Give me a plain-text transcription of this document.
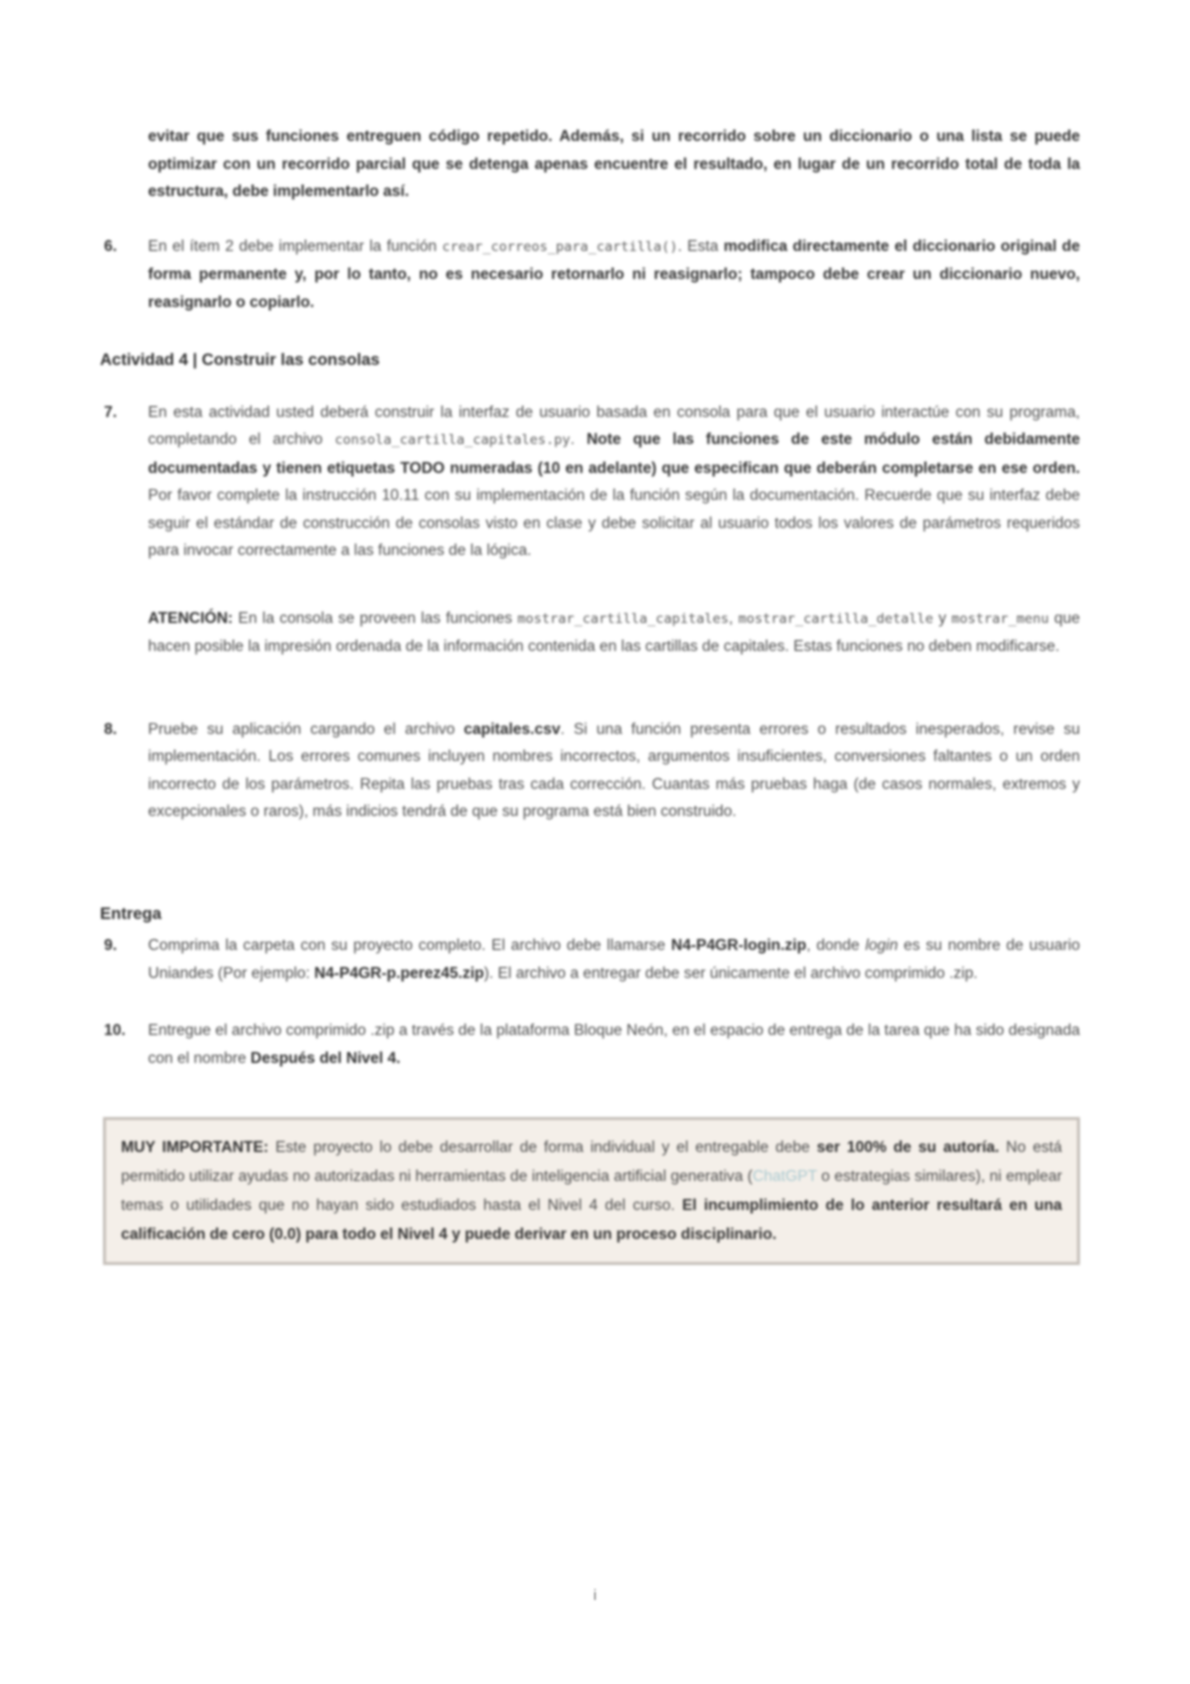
evitar que sus funciones entreguen código repetido. Además, si un recorrido sobre un diccionario o una lista se puede optimizar con un recorrido parcial que se detenga apenas encuentre el resultado, en lugar de un recorrido total de toda la estructura, debe implementarlo así.

6. En el ítem 2 debe implementar la función crear_correos_para_cartilla(). Esta modifica directamente el diccionario original de forma permanente y, por lo tanto, no es necesario retornarlo ni reasignarlo; tampoco debe crear un diccionario nuevo, reasignarlo o copiarlo.

Actividad 4 | Construir las consolas
7. En esta actividad usted deberá construir la interfaz de usuario basada en consola para que el usuario interactúe con su programa, completando el archivo consola_cartilla_capitales.py. Note que las funciones de este módulo están debidamente documentadas y tienen etiquetas TODO numeradas (10 en adelante) que especifican que deberán completarse en ese orden. Por favor complete la instrucción 10.11 con su implementación de la función según la documentación. Recuerde que su interfaz debe seguir el estándar de construcción de consolas visto en clase y debe solicitar al usuario todos los valores de parámetros requeridos para invocar correctamente a las funciones de la lógica.

ATENCIÓN: En la consola se proveen las funciones mostrar_cartilla_capitales, mostrar_cartilla_detalle y mostrar_menu que hacen posible la impresión ordenada de la información contenida en las cartillas de capitales. Estas funciones no deben modificarse.

8. Pruebe su aplicación cargando el archivo capitales.csv. Si una función presenta errores o resultados inesperados, revise su implementación. Los errores comunes incluyen nombres incorrectos, argumentos insuficientes, conversiones faltantes o un orden incorrecto de los parámetros. Repita las pruebas tras cada corrección. Cuantas más pruebas haga (de casos normales, extremos y excepcionales o raros), más indicios tendrá de que su programa está bien construido.

Entrega
9. Comprima la carpeta con su proyecto completo. El archivo debe llamarse N4-P4GR-login.zip, donde login es su nombre de usuario Uniandes (Por ejemplo: N4-P4GR-p.perez45.zip). El archivo a entregar debe ser únicamente el archivo comprimido .zip.

10. Entregue el archivo comprimido .zip a través de la plataforma Bloque Neón, en el espacio de entrega de la tarea que ha sido designada con el nombre Después del Nivel 4.

MUY IMPORTANTE: Este proyecto lo debe desarrollar de forma individual y el entregable debe ser 100% de su autoría. No está permitido utilizar ayudas no autorizadas ni herramientas de inteligencia artificial generativa (ChatGPT o estrategias similares), ni emplear temas o utilidades que no hayan sido estudiados hasta el Nivel 4 del curso. El incumplimiento de lo anterior resultará en una calificación de cero (0.0) para todo el Nivel 4 y puede derivar en un proceso disciplinario.

i
